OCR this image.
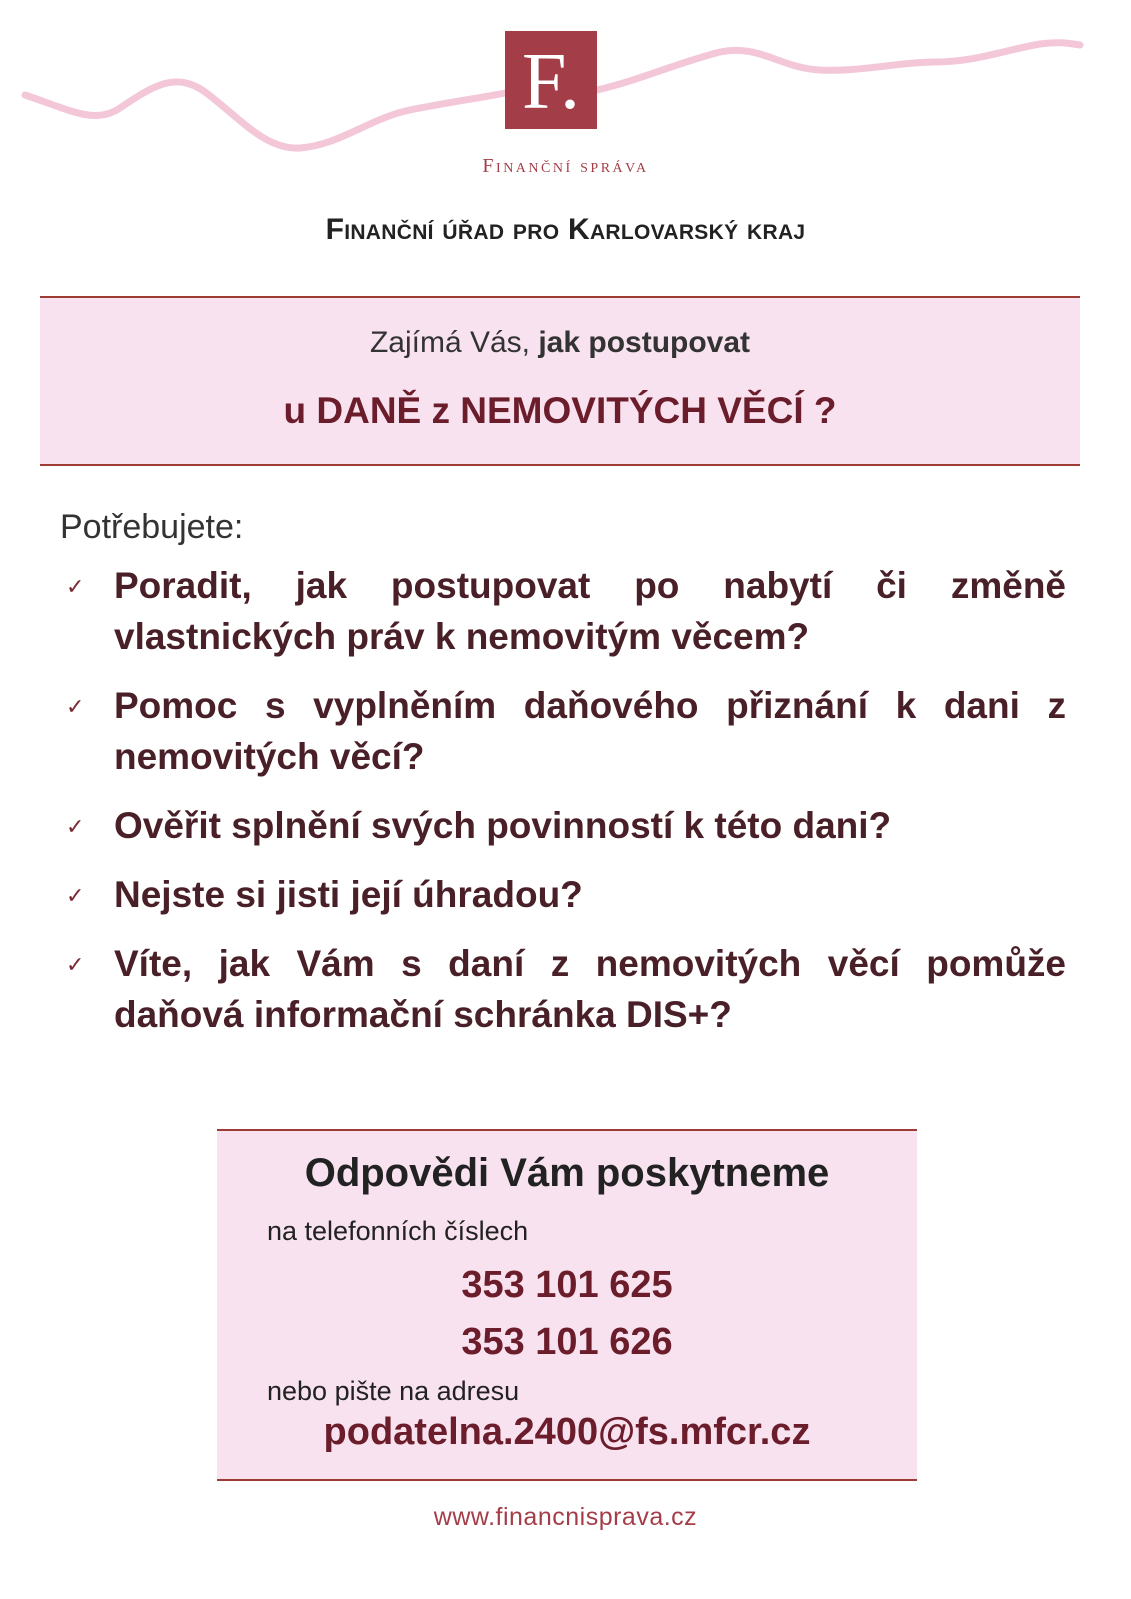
F.
Finanční správa
Finanční úřad pro Karlovarský kraj
Zajímá Vás, jak postupovat
u DANĚ z NEMOVITÝCH VĚCÍ ?
Potřebujete:
✓ Poradit, jak postupovat po nabytí či změně vlastnických práv k nemovitým věcem?
✓ Pomoc s vyplněním daňového přiznání k dani z nemovitých věcí?
✓ Ověřit splnění svých povinností k této dani?
✓ Nejste si jisti její úhradou?
✓ Víte, jak Vám s daní z nemovitých věcí pomůže daňová informační schránka DIS+?
Odpovědi Vám poskytneme
na telefonních číslech
353 101 625
353 101 626
nebo pište na adresu
podatelna.2400@fs.mfcr.cz
www.financnisprava.cz
